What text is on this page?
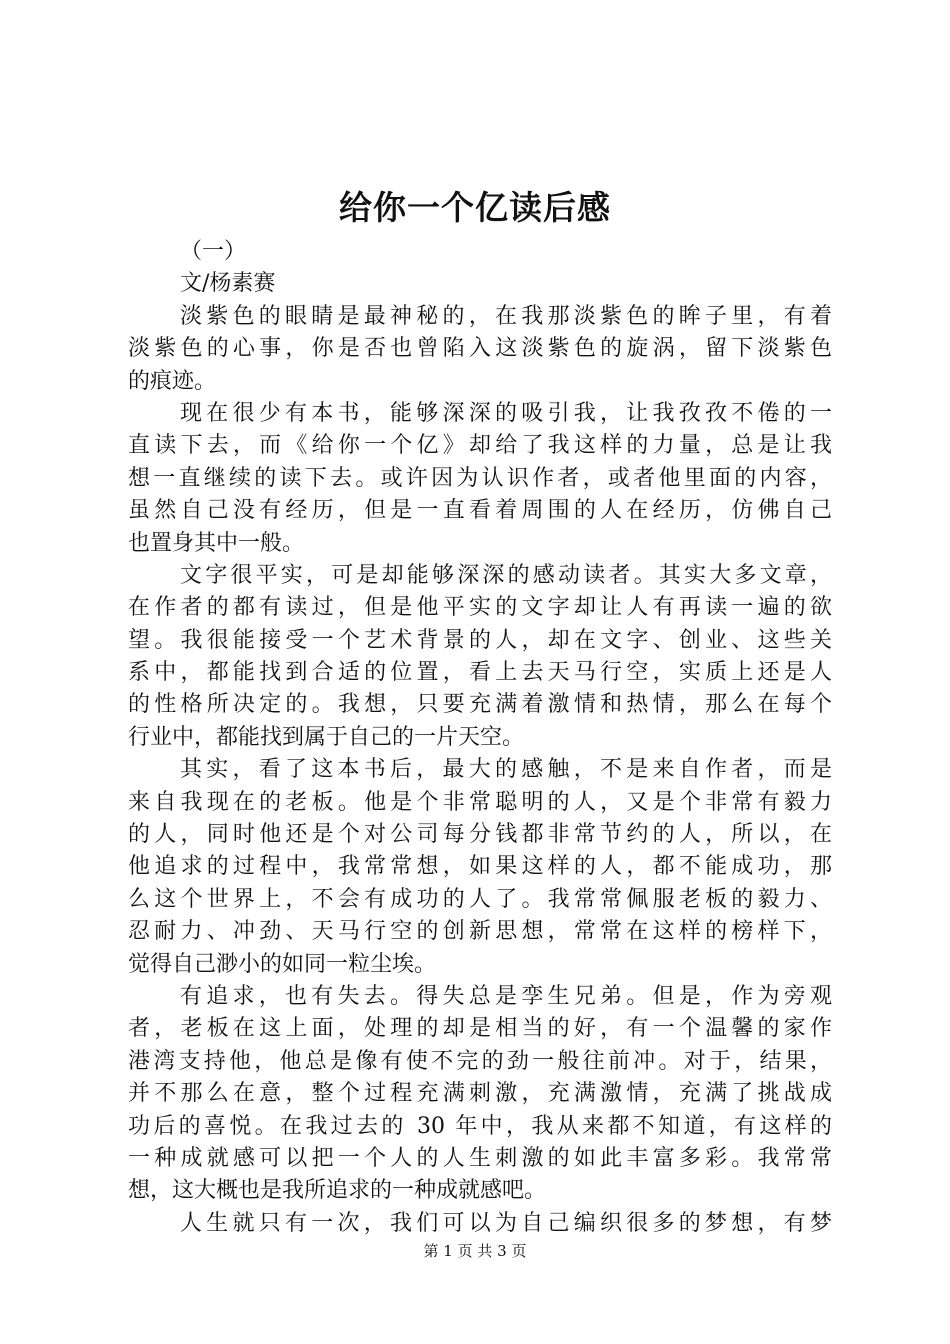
给你一个亿读后感
（一）
文/杨素赛
淡紫色的眼睛是最神秘的，在我那淡紫色的眸子里，有着
淡紫色的心事，你是否也曾陷入这淡紫色的旋涡，留下淡紫色
的痕迹。
现在很少有本书，能够深深的吸引我，让我孜孜不倦的一
直读下去，而《给你一个亿》却给了我这样的力量，总是让我
想一直继续的读下去。或许因为认识作者，或者他里面的内容，
虽然自己没有经历，但是一直看着周围的人在经历，仿佛自己
也置身其中一般。
文字很平实，可是却能够深深的感动读者。其实大多文章，
在作者的都有读过，但是他平实的文字却让人有再读一遍的欲
望。我很能接受一个艺术背景的人，却在文字、创业、这些关
系中，都能找到合适的位置，看上去天马行空，实质上还是人
的性格所决定的。我想，只要充满着激情和热情，那么在每个
行业中，都能找到属于自己的一片天空。
其实，看了这本书后，最大的感触，不是来自作者，而是
来自我现在的老板。他是个非常聪明的人，又是个非常有毅力
的人，同时他还是个对公司每分钱都非常节约的人，所以，在
他追求的过程中，我常常想，如果这样的人，都不能成功，那
么这个世界上，不会有成功的人了。我常常佩服老板的毅力、
忍耐力、冲劲、天马行空的创新思想，常常在这样的榜样下，
觉得自己渺小的如同一粒尘埃。
有追求，也有失去。得失总是孪生兄弟。但是，作为旁观
者，老板在这上面，处理的却是相当的好，有一个温馨的家作
港湾支持他，他总是像有使不完的劲一般往前冲。对于，结果，
并不那么在意，整个过程充满刺激，充满激情，充满了挑战成
功后的喜悦。在我过去的 30 年中，我从来都不知道，有这样的
一种成就感可以把一个人的人生刺激的如此丰富多彩。我常常
想，这大概也是我所追求的一种成就感吧。
人生就只有一次，我们可以为自己编织很多的梦想，有梦
第 1 页 共 3 页
